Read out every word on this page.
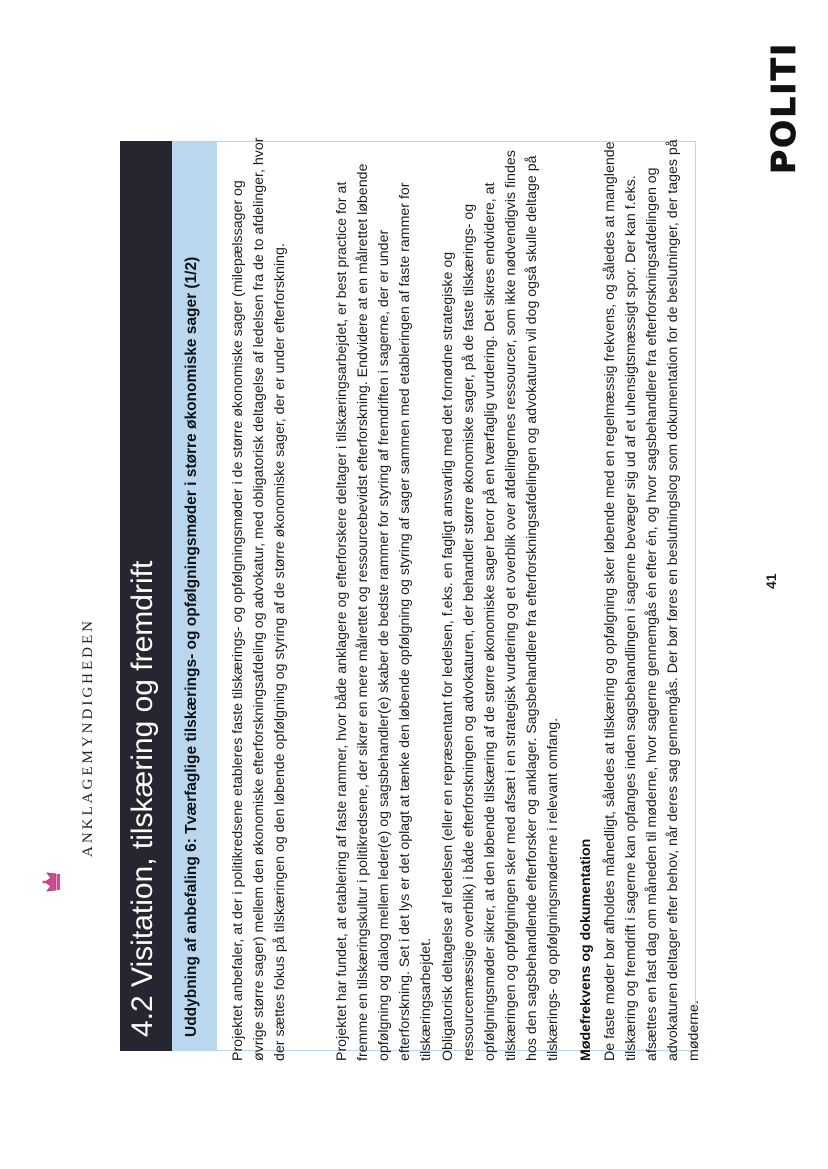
ANKLAGEMYNDIGHEDEN
POLITI
4.2 Visitation, tilskæring og fremdrift Uddybning af anbefaling 6: Tværfaglige tilskærings- og opfølgningsmøder i større økonomiske sager (1/2) Projektet anbefaler, at der i politikredsene etableres faste tilskærings- og opfølgningsmøder i de større økonomiske sager (milepælssager og øvrige større sager) mellem den økonomiske efterforskningsafdeling og advokatur, med obligatorisk deltagelse af ledelsen fra de to afdelinger, hvor der sættes fokus på tilskæringen og den løbende opfølgning og styring af de større økonomiske sager, der er under efterforskning.	Projektet har fundet, at etablering af faste rammer, hvor både anklagere og efterforskere deltager i tilskæringsarbejdet, er best practice for at fremme en tilskæringskultur i politikredsene, der sikrer en mere målrettet og ressourcebevidst efterforskning. Endvidere at en målrettet løbende opfølgning og dialog mellem leder(e) og sagsbehandler(e) skaber de bedste rammer for styring af fremdriften i sagerne, der er under efterforskning. Set i det lys er det oplagt at tænke den løbende opfølgning og styring af sager sammen med etableringen af faste rammer for tilskæringsarbejdet. Obligatorisk deltagelse af ledelsen (eller en repræsentant for ledelsen, f.eks. en fagligt ansvarlig med det fornødne strategiske og ressourcemæssige overblik) i både efterforskningen og advokaturen, der behandler større økonomiske sager, på de faste tilskærings- og opfølgningsmøder sikrer, at den løbende tilskæring af de større økonomiske sager beror på en tværfaglig vurdering. Det sikres endvidere, at tilskæringen og opfølgningen sker med afsæt i en strategisk vurdering og et overblik over afdelingernes ressourcer, som ikke nødvendigvis findes hos den sagsbehandlende efterforsker og anklager. Sagsbehandlere fra efterforskningsafdelingen og advokaturen vil dog også skulle deltage på tilskærings- og opfølgningsmøderne i relevant omfang. Mødefrekvens og dokumentation De faste møder bør afholdes månedligt, således at tilskæring og opfølgning sker løbende med en regelmæssig frekvens, og således at manglende tilskæring og fremdrift i sagerne kan opfanges inden sagsbehandlingen i sagerne bevæger sig ud af et uhensigtsmæssigt spor. Der kan f.eks. afsættes en fast dag om måneden til møderne, hvor sagerne gennemgås én efter én, og hvor sagsbehandlere fra efterforskningsafdelingen og advokaturen deltager efter behov, når deres sag gennemgås. Der bør føres en beslutningslog som dokumentation for de beslutninger, der tages på møderne.

41
